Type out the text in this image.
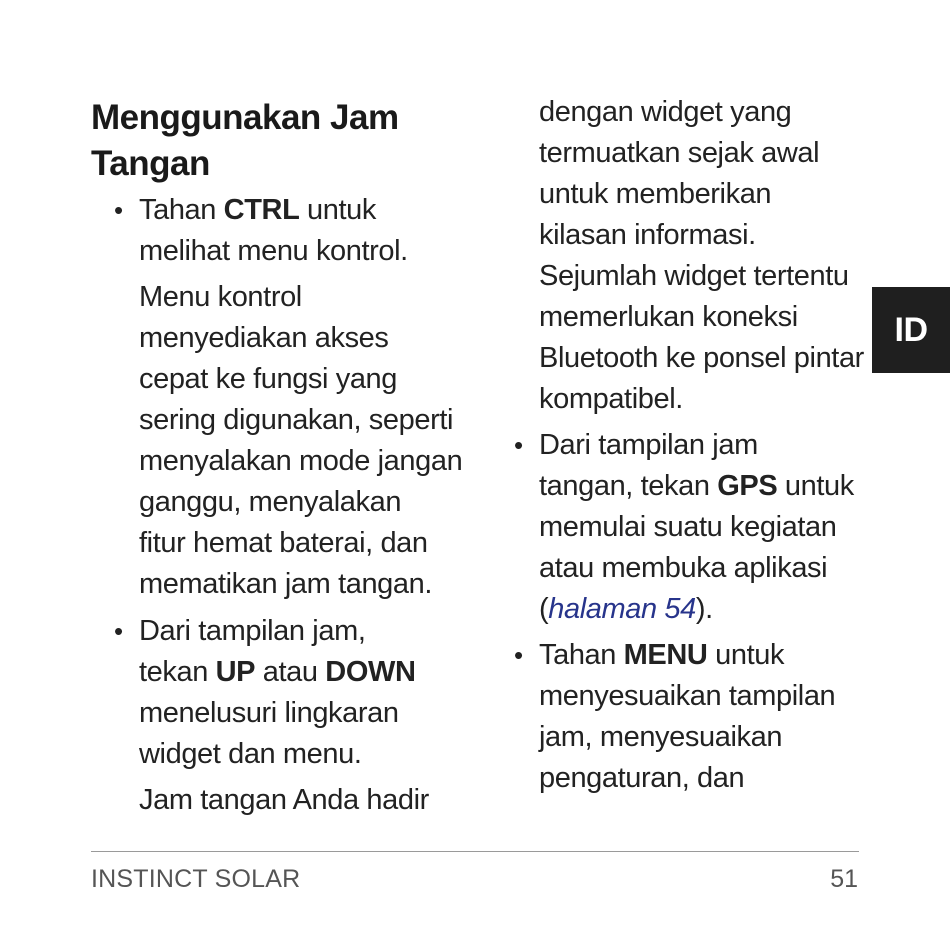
Menggunakan Jam
Tangan
• Tahan CTRL untuk
melihat menu kontrol.
Menu kontrol
menyediakan akses
cepat ke fungsi yang
sering digunakan, seperti
menyalakan mode jangan
ganggu, menyalakan
fitur hemat baterai, dan
mematikan jam tangan.
• Dari tampilan jam,
tekan UP atau DOWN
menelusuri lingkaran
widget dan menu.
Jam tangan Anda hadir
dengan widget yang
termuatkan sejak awal
untuk memberikan
kilasan informasi.
Sejumlah widget tertentu
memerlukan koneksi
Bluetooth ke ponsel pintar
kompatibel.
• Dari tampilan jam
tangan, tekan GPS untuk
memulai suatu kegiatan
atau membuka aplikasi
(halaman 54).
• Tahan MENU untuk
menyesuaikan tampilan
jam, menyesuaikan
pengaturan, dan
ID
INSTINCT SOLAR	51
